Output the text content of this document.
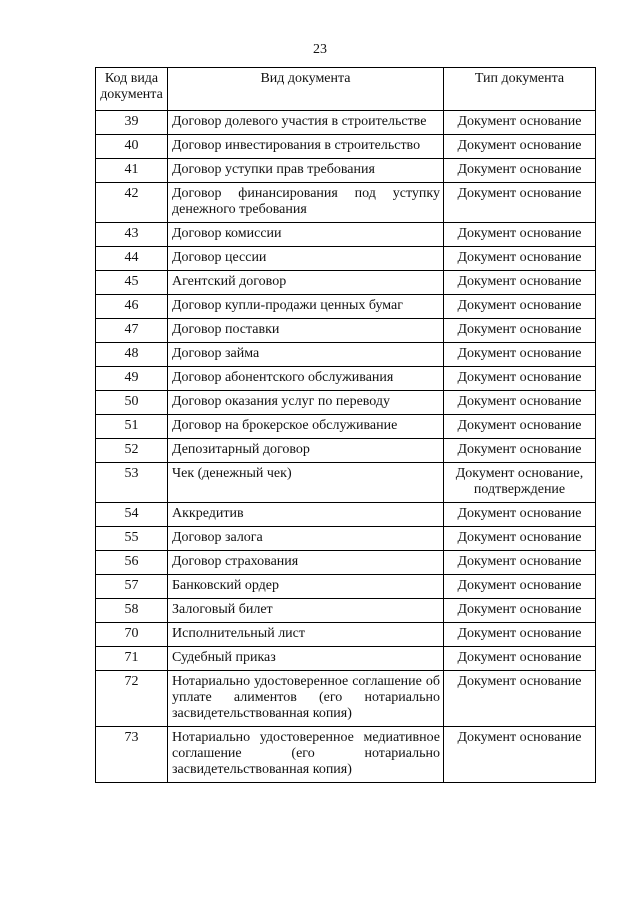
23
Код вида документа	Вид документа	Тип документа
39	Договор долевого участия в строительстве	Документ основание
40	Договор инвестирования в строительство	Документ основание
41	Договор уступки прав требования	Документ основание
42	Договор финансирования под уступку денежного требования	Документ основание
43	Договор комиссии	Документ основание
44	Договор цессии	Документ основание
45	Агентский договор	Документ основание
46	Договор купли-продажи ценных бумаг	Документ основание
47	Договор поставки	Документ основание
48	Договор займа	Документ основание
49	Договор абонентского обслуживания	Документ основание
50	Договор оказания услуг по переводу	Документ основание
51	Договор на брокерское обслуживание	Документ основание
52	Депозитарный договор	Документ основание
53	Чек (денежный чек)	Документ основание, подтверждение
54	Аккредитив	Документ основание
55	Договор залога	Документ основание
56	Договор страхования	Документ основание
57	Банковский ордер	Документ основание
58	Залоговый билет	Документ основание
70	Исполнительный лист	Документ основание
71	Судебный приказ	Документ основание
72	Нотариально удостоверенное соглашение об уплате алиментов (его нотариально засвидетельствованная копия)	Документ основание
73	Нотариально удостоверенное медиативное соглашение (его нотариально засвидетельствованная копия)	Документ основание
